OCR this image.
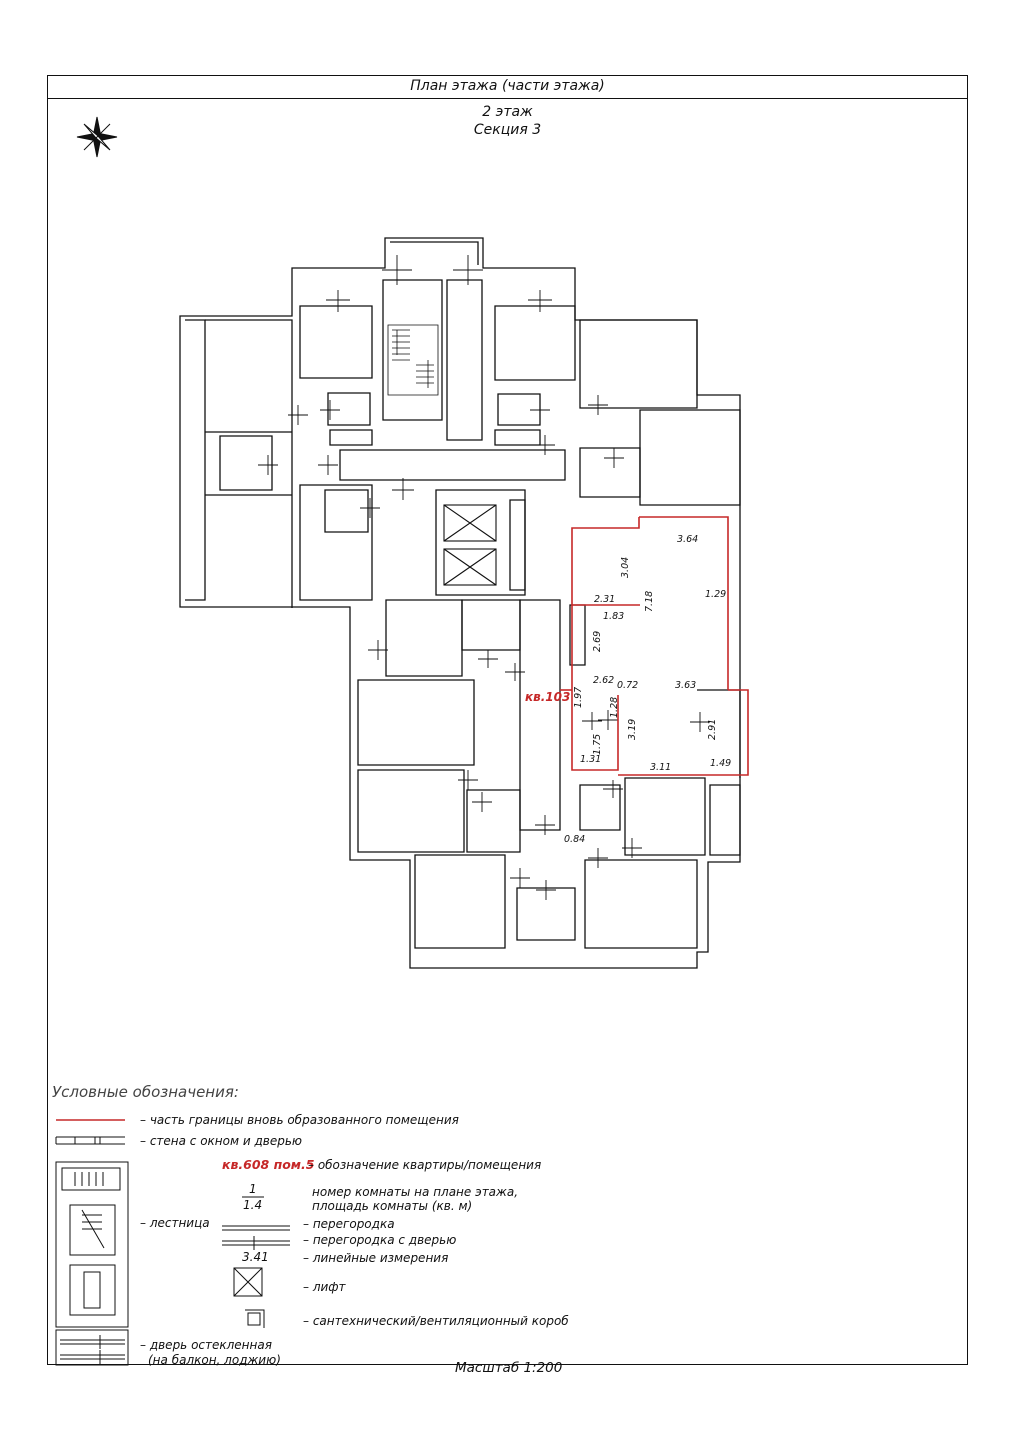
План этажа (части этажа)
2 этаж
Секция 3
3.64
3.04
7.18	1.29
2.31
1.83
2.69
2.62 0.72	3.63
1.97	1.28
3.19	2.91
1.75
1.31
3.11	1.49
0.84
кв.103
Условные обозначения:
– часть границы вновь образованного помещения
– стена с окном и дверью
кв.608 пом.5
– обозначение квартиры/помещения
1
1.4
номер комнаты на плане этажа,
площадь комнаты (кв. м)
– лестница	– перегородка
– перегородка с дверью
3.41	– линейные измерения
– лифт
– сантехнический/вентиляционный короб
– дверь остекленная
(на балкон, лоджию)	Масштаб 1:200
